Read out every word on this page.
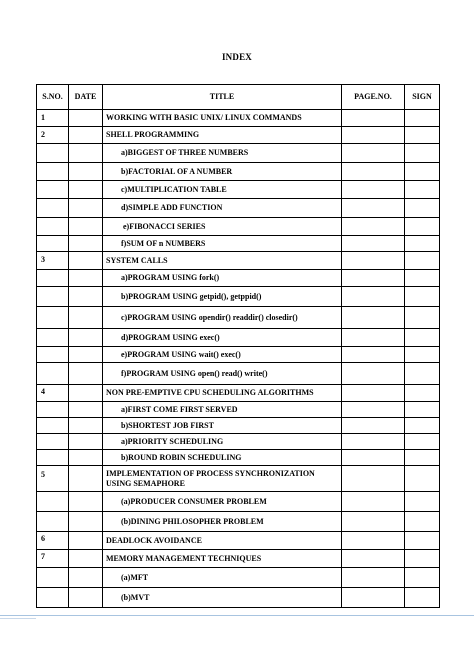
INDEX
S.NO.	DATE	TITLE	PAGE.NO.	SIGN
1		WORKING WITH BASIC UNIX/ LINUX COMMANDS		
2		SHELL PROGRAMMING		
		a)BIGGEST OF THREE NUMBERS		
		b)FACTORIAL OF A NUMBER		
		c)MULTIPLICATION TABLE		
		d)SIMPLE ADD FUNCTION		
		e)FIBONACCI SERIES		
		f)SUM OF n NUMBERS		
3		SYSTEM CALLS		
		a)PROGRAM USING fork()		
		b)PROGRAM USING getpid(), getppid()		
		c)PROGRAM USING opendir() readdir() closedir()		
		d)PROGRAM USING exec()		
		e)PROGRAM USING wait() exec()		
		f)PROGRAM USING open() read() write()		
4		NON PRE-EMPTIVE CPU SCHEDULING ALGORITHMS		
		a)FIRST COME FIRST SERVED		
		b)SHORTEST JOB FIRST		
		a)PRIORITY SCHEDULING		
		b)ROUND ROBIN SCHEDULING		
5		IMPLEMENTATION OF PROCESS SYNCHRONIZATION USING SEMAPHORE		
		(a)PRODUCER CONSUMER PROBLEM		
		(b)DINING PHILOSOPHER PROBLEM		
6		DEADLOCK AVOIDANCE		
7		MEMORY MANAGEMENT TECHNIQUES		
		(a)MFT		
		(b)MVT		
